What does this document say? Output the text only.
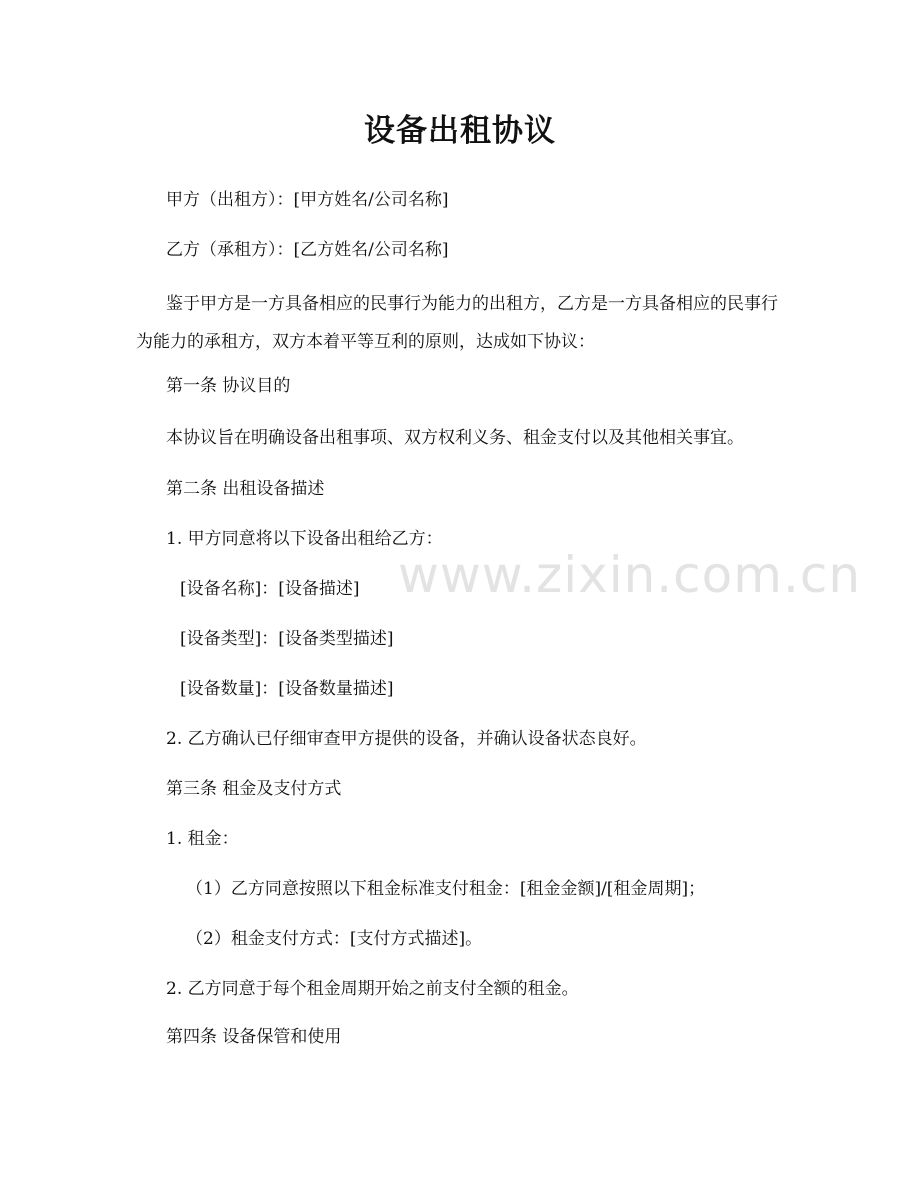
www.zixin.com.cn
设备出租协议
甲方（出租方）：[甲方姓名/公司名称]
乙方（承租方）：[乙方姓名/公司名称]
鉴于甲方是一方具备相应的民事行为能力的出租方，乙方是一方具备相应的民事行为能力的承租方，双方本着平等互利的原则，达成如下协议：
第一条 协议目的
本协议旨在明确设备出租事项、双方权利义务、租金支付以及其他相关事宜。
第二条 出租设备描述
1. 甲方同意将以下设备出租给乙方：
[设备名称]：[设备描述]
[设备类型]：[设备类型描述]
[设备数量]：[设备数量描述]
2. 乙方确认已仔细审查甲方提供的设备，并确认设备状态良好。
第三条 租金及支付方式
1. 租金：
（1）乙方同意按照以下租金标准支付租金：[租金金额]/[租金周期]；
（2）租金支付方式：[支付方式描述]。
2. 乙方同意于每个租金周期开始之前支付全额的租金。
第四条 设备保管和使用
